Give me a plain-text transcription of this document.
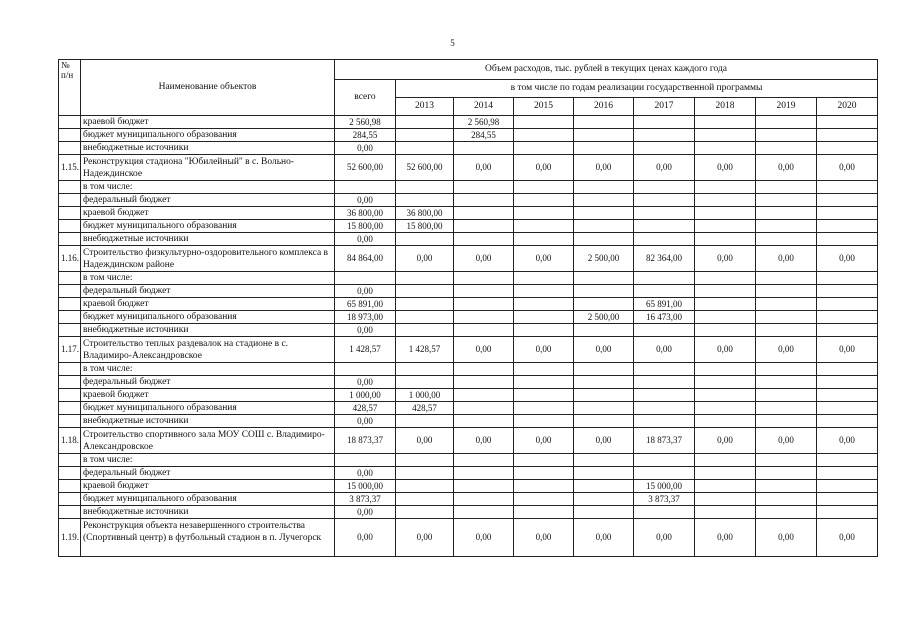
5
№ п/н	Наименование объектов	Объем расходов, тыс. рублей в текущих ценах каждого года								
		всего	в том числе по годам реализации государственной программы							
			2013	2014	2015	2016	2017	2018	2019	2020
	краевой бюджет	2 560,98		2 560,98						
	бюджет муниципального образования	284,55		284,55						
	внебюджетные источники	0,00								
1.15.	Реконструкция стадиона "Юбилейный" в с. Вольно-Надеждинское	52 600,00	52 600,00	0,00	0,00	0,00	0,00	0,00	0,00	0,00
	в том числе:									
	федеральный бюджет	0,00								
	краевой бюджет	36 800,00	36 800,00							
	бюджет муниципального образования	15 800,00	15 800,00							
	внебюджетные источники	0,00								
1.16.	Строительство физкультурно-оздоровительного комплекса в Надеждинском районе	84 864,00	0,00	0,00	0,00	2 500,00	82 364,00	0,00	0,00	0,00
	в том числе:									
	федеральный бюджет	0,00								
	краевой бюджет	65 891,00					65 891,00			
	бюджет муниципального образования	18 973,00				2 500,00	16 473,00			
	внебюджетные источники	0,00								
1.17.	Строительство теплых раздевалок на стадионе в с. Владимиро-Александровское	1 428,57	1 428,57	0,00	0,00	0,00	0,00	0,00	0,00	0,00
	в том числе:									
	федеральный бюджет	0,00								
	краевой бюджет	1 000,00	1 000,00							
	бюджет муниципального образования	428,57	428,57							
	внебюджетные источники	0,00								
1.18.	Строительство спортивного зала МОУ СОШ с. Владимиро-Александровское	18 873,37	0,00	0,00	0,00	0,00	18 873,37	0,00	0,00	0,00
	в том числе:									
	федеральный бюджет	0,00								
	краевой бюджет	15 000,00					15 000,00			
	бюджет муниципального образования	3 873,37					3 873,37			
	внебюджетные источники	0,00								
1.19.	Реконструкция объекта незавершенного строительства (Спортивный центр) в футбольный стадион в п. Лучегорск	0,00	0,00	0,00	0,00	0,00	0,00	0,00	0,00	0,00
